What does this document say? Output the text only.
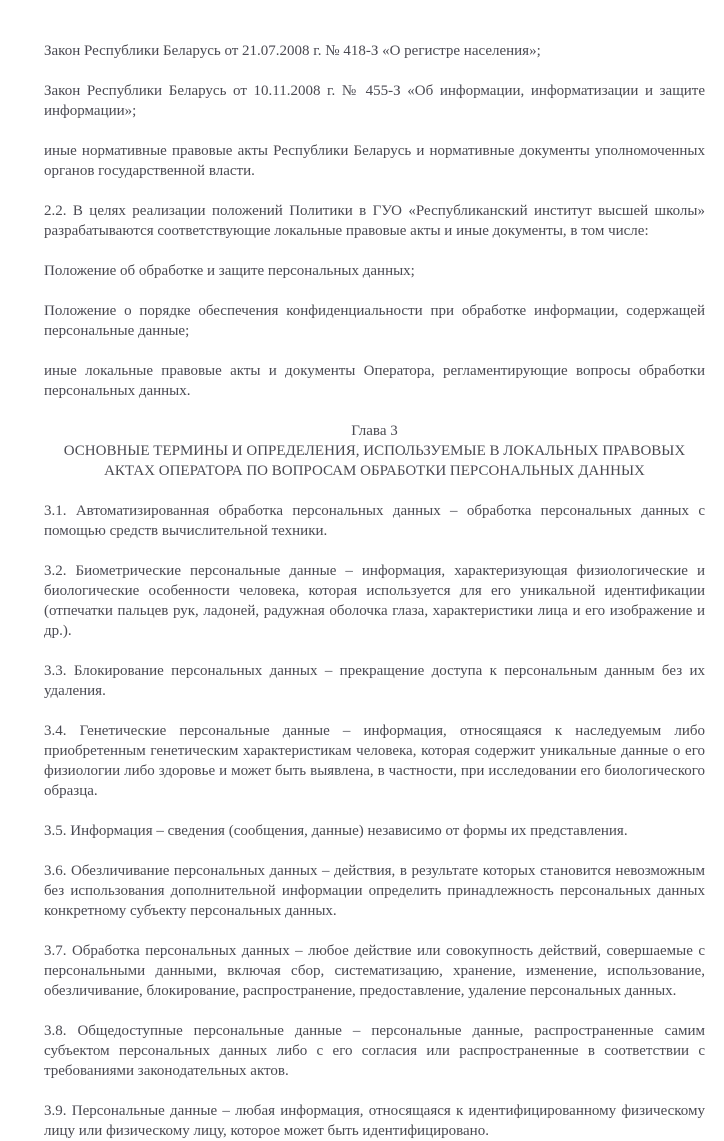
Закон Республики Беларусь от 21.07.2008 г. № 418-З «О регистре населения»;

Закон Республики Беларусь от 10.11.2008 г. № 455-З «Об информации, информатизации и защите информации»;

иные нормативные правовые акты Республики Беларусь и нормативные документы уполномоченных органов государственной власти.

2.2. В целях реализации положений Политики в ГУО «Республиканский институт высшей школы» разрабатываются соответствующие локальные правовые акты и иные документы, в том числе:

Положение об обработке и защите персональных данных;

Положение о порядке обеспечения конфиденциальности при обработке информации, содержащей персональные данные;

иные локальные правовые акты и документы Оператора, регламентирующие вопросы обработки персональных данных.

Глава 3

ОСНОВНЫЕ ТЕРМИНЫ И ОПРЕДЕЛЕНИЯ, ИСПОЛЬЗУЕМЫЕ В ЛОКАЛЬНЫХ ПРАВОВЫХ

АКТАХ ОПЕРАТОРА ПО ВОПРОСАМ ОБРАБОТКИ ПЕРСОНАЛЬНЫХ ДАННЫХ

3.1. Автоматизированная обработка персональных данных – обработка персональных данных с помощью средств вычислительной техники.

3.2. Биометрические персональные данные – информация, характеризующая физиологические и биологические особенности человека, которая используется для его уникальной идентификации (отпечатки пальцев рук, ладоней, радужная оболочка глаза, характеристики лица и его изображение и др.).

3.3. Блокирование персональных данных – прекращение доступа к персональным данным без их удаления.

3.4. Генетические персональные данные – информация, относящаяся к наследуемым либо приобретенным генетическим характеристикам человека, которая содержит уникальные данные о его физиологии либо здоровье и может быть выявлена, в частности, при исследовании его биологического образца.

3.5. Информация – сведения (сообщения, данные) независимо от формы их представления.

3.6. Обезличивание персональных данных – действия, в результате которых становится невозможным без использования дополнительной информации определить принадлежность персональных данных конкретному субъекту персональных данных.

3.7. Обработка персональных данных – любое действие или совокупность действий, совершаемые с персональными данными, включая сбор, систематизацию, хранение, изменение, использование, обезличивание, блокирование, распространение, предоставление, удаление персональных данных.

3.8. Общедоступные персональные данные – персональные данные, распространенные самим субъектом персональных данных либо с его согласия или распространенные в соответствии с требованиями законодательных актов.

3.9. Персональные данные – любая информация, относящаяся к идентифицированному физическому лицу или физическому лицу, которое может быть идентифицировано.
